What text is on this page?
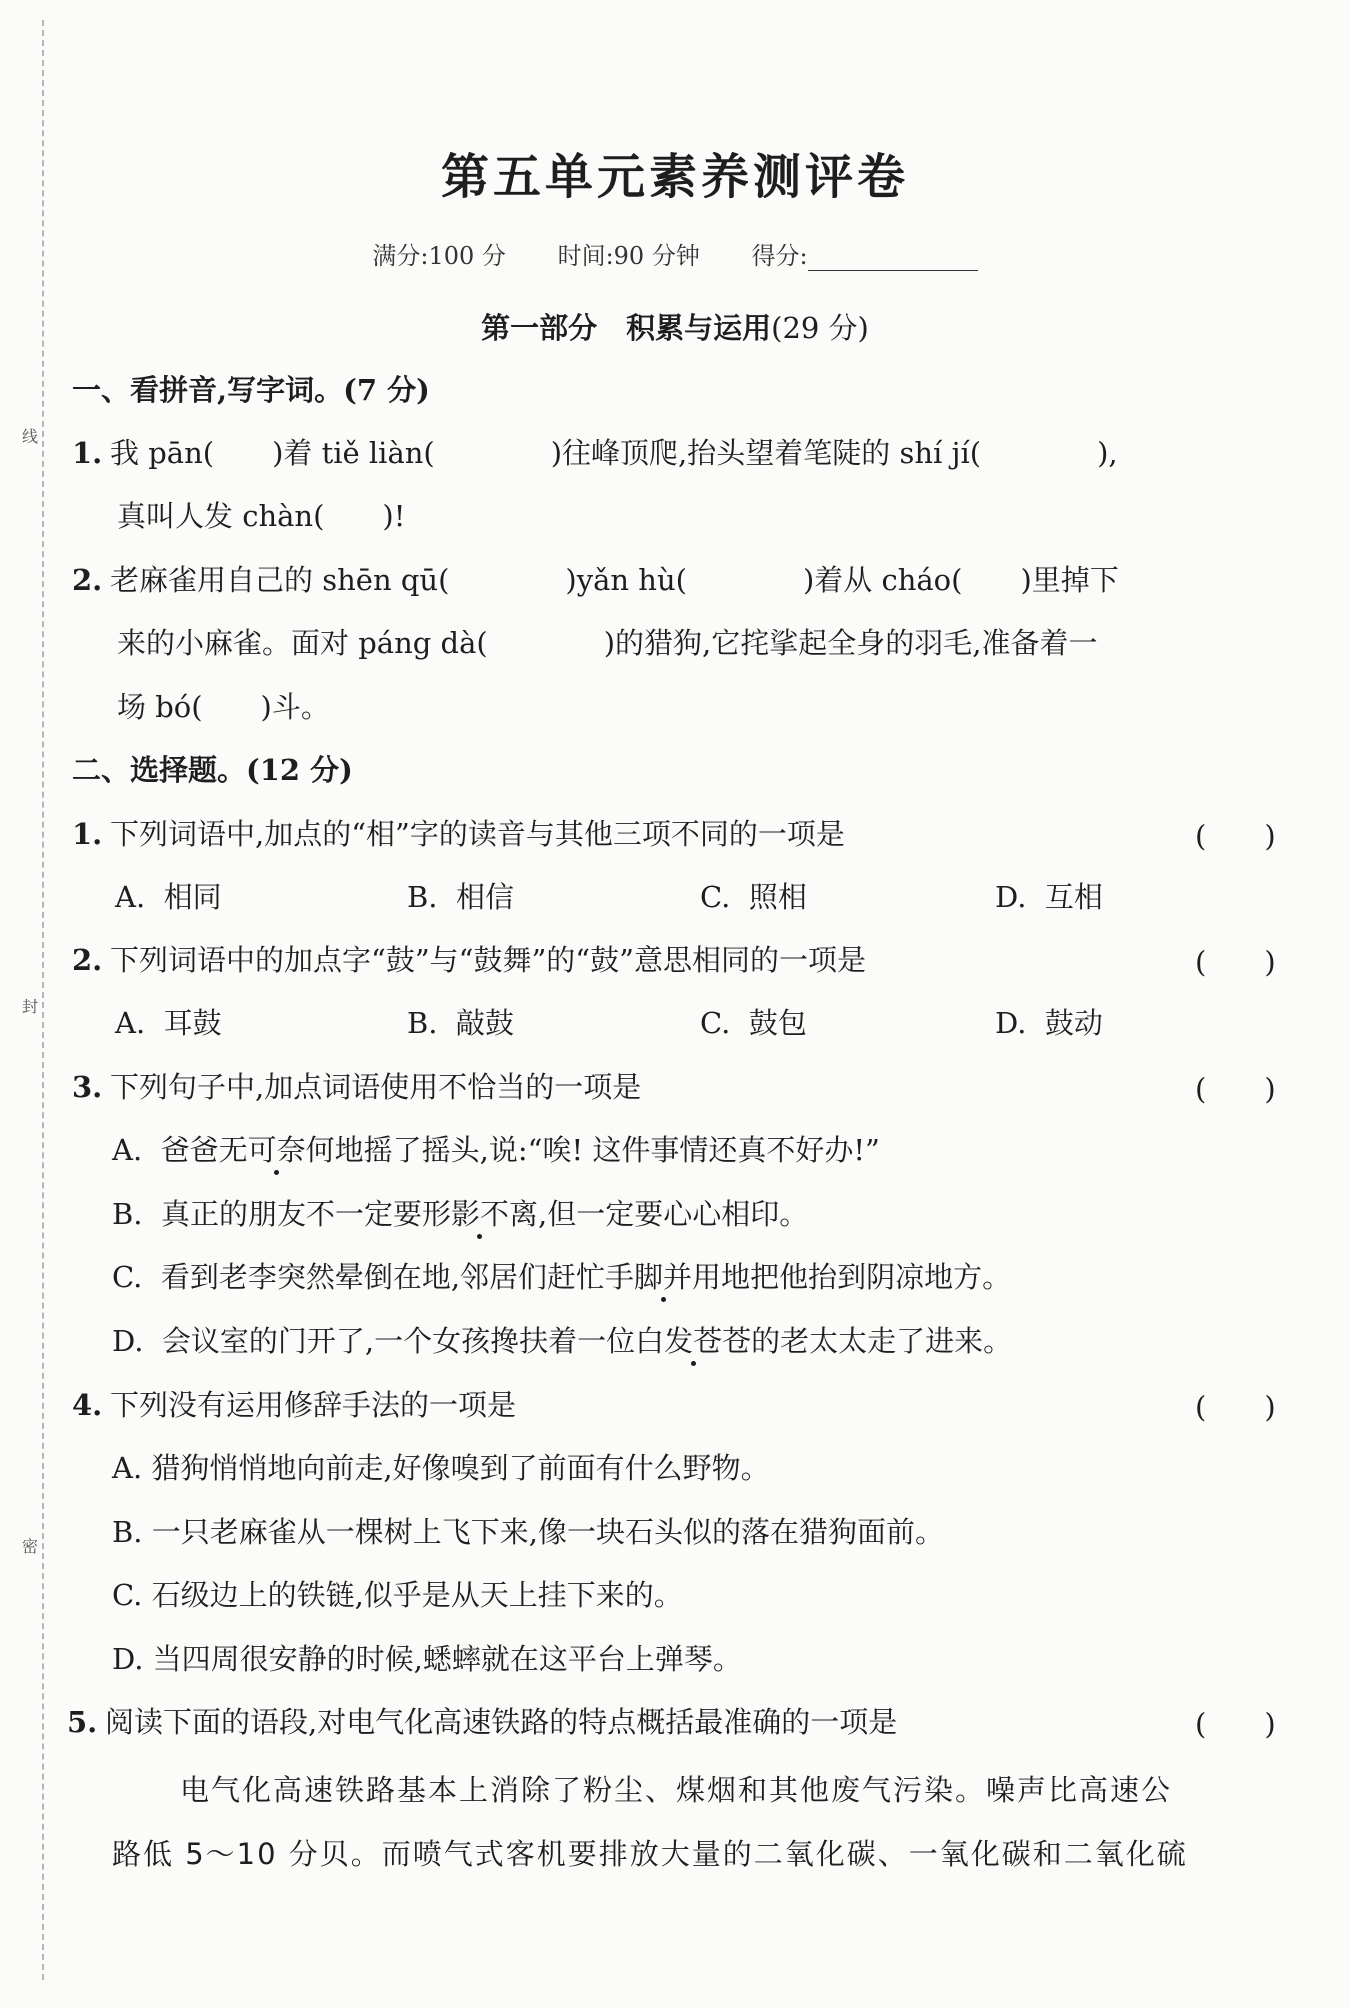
线
封
密
第五单元素养测评卷
满分:100 分 时间:90 分钟 得分:
第一部分　积累与运用(29 分)
一、看拼音,写字词。(7 分)
1. 我 pān(　　)着 tiě liàn(　　　　)往峰顶爬,抬头望着笔陡的 shí jí(　　　　),
真叫人发 chàn(　　)!
2. 老麻雀用自己的 shēn qū(　　　　)yǎn hù(　　　　)着从 cháo(　　)里掉下
来的小麻雀。面对 páng dà(　　　　)的猎狗,它挓挲起全身的羽毛,准备着一
场 bó(　　)斗。
二、选择题。(12 分)
1. 下列词语中,加点的“相”字的读音与其他三项不同的一项是	(　　)
A. 相同	B. 相信	C. 照相	D. 互相
2. 下列词语中的加点字“鼓”与“鼓舞”的“鼓”意思相同的一项是	(　　)
A. 耳鼓	B. 敲鼓	C. 鼓包	D. 鼓动
3. 下列句子中,加点词语使用不恰当的一项是	(　　)
A. 爸爸无可奈何地摇了摇头,说:“唉! 这件事情还真不好办!”
B. 真正的朋友不一定要形影不离,但一定要心心相印。
C. 看到老李突然晕倒在地,邻居们赶忙手脚并用地把他抬到阴凉地方。
D. 会议室的门开了,一个女孩搀扶着一位白发苍苍的老太太走了进来。
4. 下列没有运用修辞手法的一项是	(　　)
A. 猎狗悄悄地向前走,好像嗅到了前面有什么野物。
B. 一只老麻雀从一棵树上飞下来,像一块石头似的落在猎狗面前。
C. 石级边上的铁链,似乎是从天上挂下来的。
D. 当四周很安静的时候,蟋蟀就在这平台上弹琴。
5. 阅读下面的语段,对电气化高速铁路的特点概括最准确的一项是	(　　)
电气化高速铁路基本上消除了粉尘、煤烟和其他废气污染。噪声比高速公
路低 5～10 分贝。而喷气式客机要排放大量的二氧化碳、一氧化碳和二氧化硫
